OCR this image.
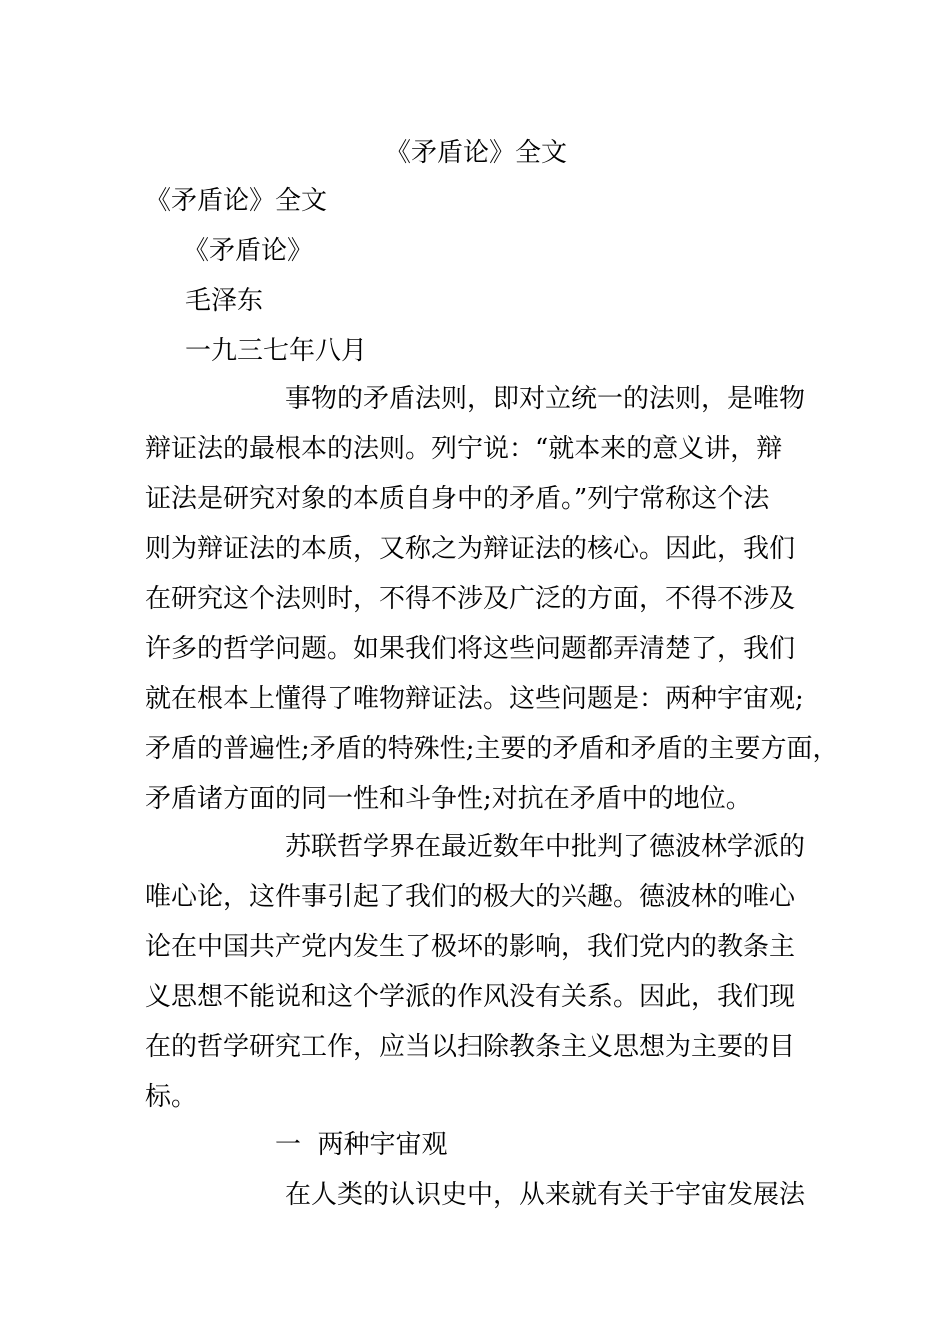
《矛盾论》全文
《矛盾论》全文
《矛盾论》
毛泽东
一九三七年八月
事物的矛盾法则，即对立统一的法则，是唯物
辩证法的最根本的法则。列宁说：“就本来的意义讲，辩
证法是研究对象的本质自身中的矛盾。”列宁常称这个法
则为辩证法的本质，又称之为辩证法的核心。因此，我们
在研究这个法则时，不得不涉及广泛的方面，不得不涉及
许多的哲学问题。如果我们将这些问题都弄清楚了，我们
就在根本上懂得了唯物辩证法。这些问题是：两种宇宙观;
矛盾的普遍性;矛盾的特殊性;主要的矛盾和矛盾的主要方面，
矛盾诸方面的同一性和斗争性;对抗在矛盾中的地位。
苏联哲学界在最近数年中批判了德波林学派的
唯心论，这件事引起了我们的极大的兴趣。德波林的唯心
论在中国共产党内发生了极坏的影响，我们党内的教条主
义思想不能说和这个学派的作风没有关系。因此，我们现
在的哲学研究工作，应当以扫除教条主义思想为主要的目
标。
一  两种宇宙观
在人类的认识史中，从来就有关于宇宙发展法
